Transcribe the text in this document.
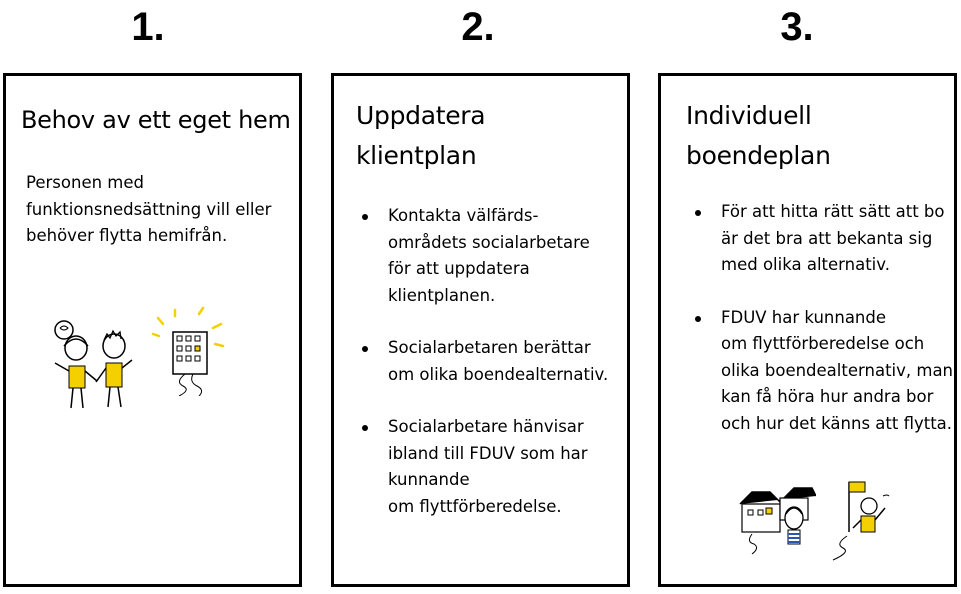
1.	2.	3.
Behov av ett eget hem
Personen med
funktionsnedsättning vill eller
behöver flytta hemifrån.
Uppdatera
klientplan
Kontakta välfärds-
områdets socialarbetare
för att uppdatera
klientplanen.
Socialarbetaren berättar
om olika boendealternativ.
Socialarbetare hänvisar
ibland till FDUV som har
kunnande
om flyttförberedelse.
Individuell
boendeplan
För att hitta rätt sätt att bo
är det bra att bekanta sig
med olika alternativ.
FDUV har kunnande
om flyttförberedelse och
olika boendealternativ, man
kan få höra hur andra bor
och hur det känns att flytta.
